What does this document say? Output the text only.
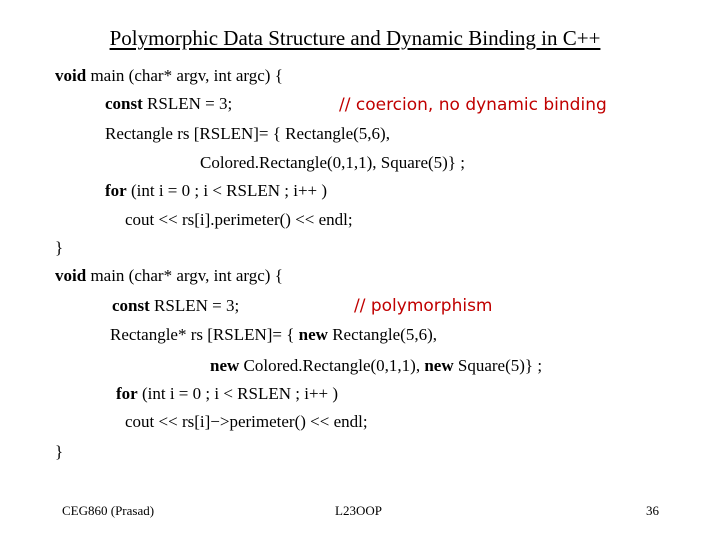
Polymorphic Data Structure and Dynamic Binding in C++
void main (char* argv, int argc) {
const RSLEN = 3;	// coercion, no dynamic binding
Rectangle rs [RSLEN]= { Rectangle(5,6),
Colored.Rectangle(0,1,1), Square(5)} ;
for (int i = 0 ; i < RSLEN ; i++ )
cout << rs[i].perimeter() << endl;
}
void main (char* argv, int argc) {
const RSLEN = 3;	// polymorphism
Rectangle* rs [RSLEN]= { new Rectangle(5,6),
new Colored.Rectangle(0,1,1), new Square(5)} ;
for (int i = 0 ; i < RSLEN ; i++ )
cout << rs[i]−>perimeter() << endl;
}
CEG860 (Prasad)	L23OOP	36
